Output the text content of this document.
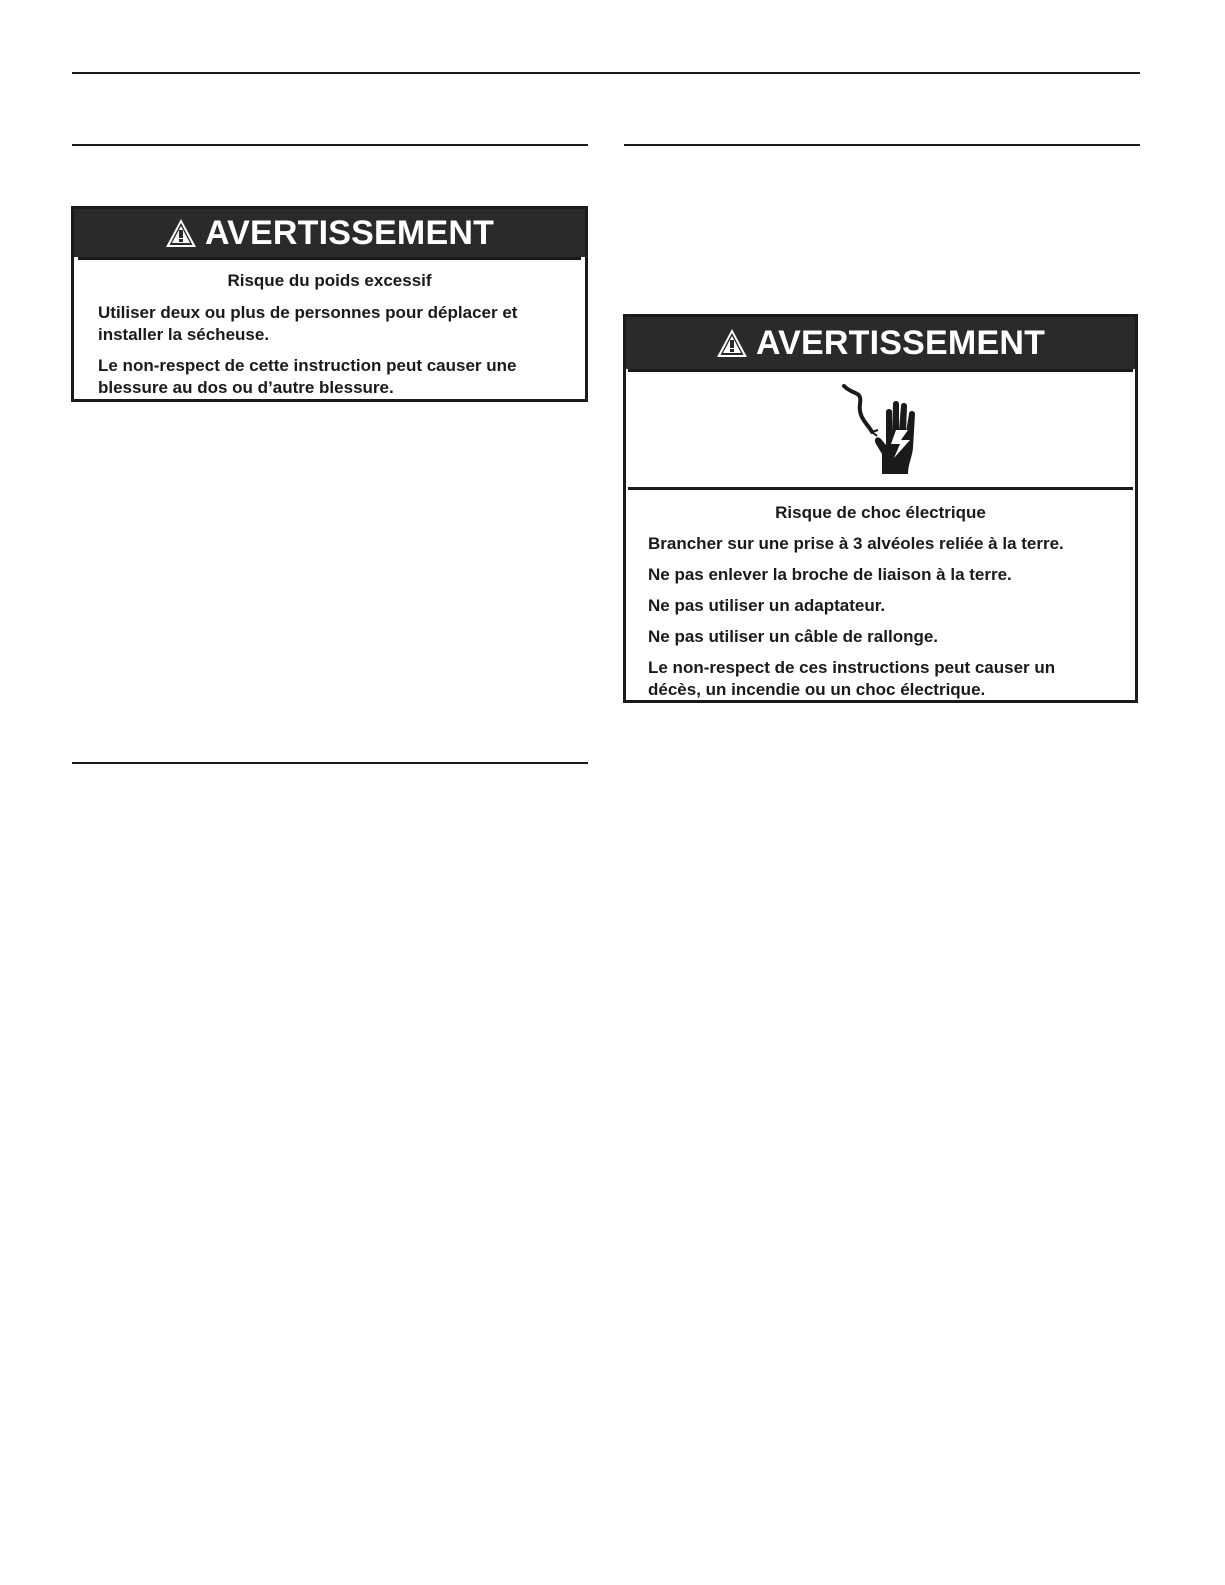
AVERTISSEMENT

Risque du poids excessif

Utiliser deux ou plus de personnes pour déplacer et installer la sécheuse.

Le non-respect de cette instruction peut causer une blessure au dos ou d’autre blessure.

AVERTISSEMENT

Risque de choc électrique

Brancher sur une prise à 3 alvéoles reliée à la terre.

Ne pas enlever la broche de liaison à la terre.

Ne pas utiliser un adaptateur.

Ne pas utiliser un câble de rallonge.

Le non-respect de ces instructions peut causer un décès, un incendie ou un choc électrique.
